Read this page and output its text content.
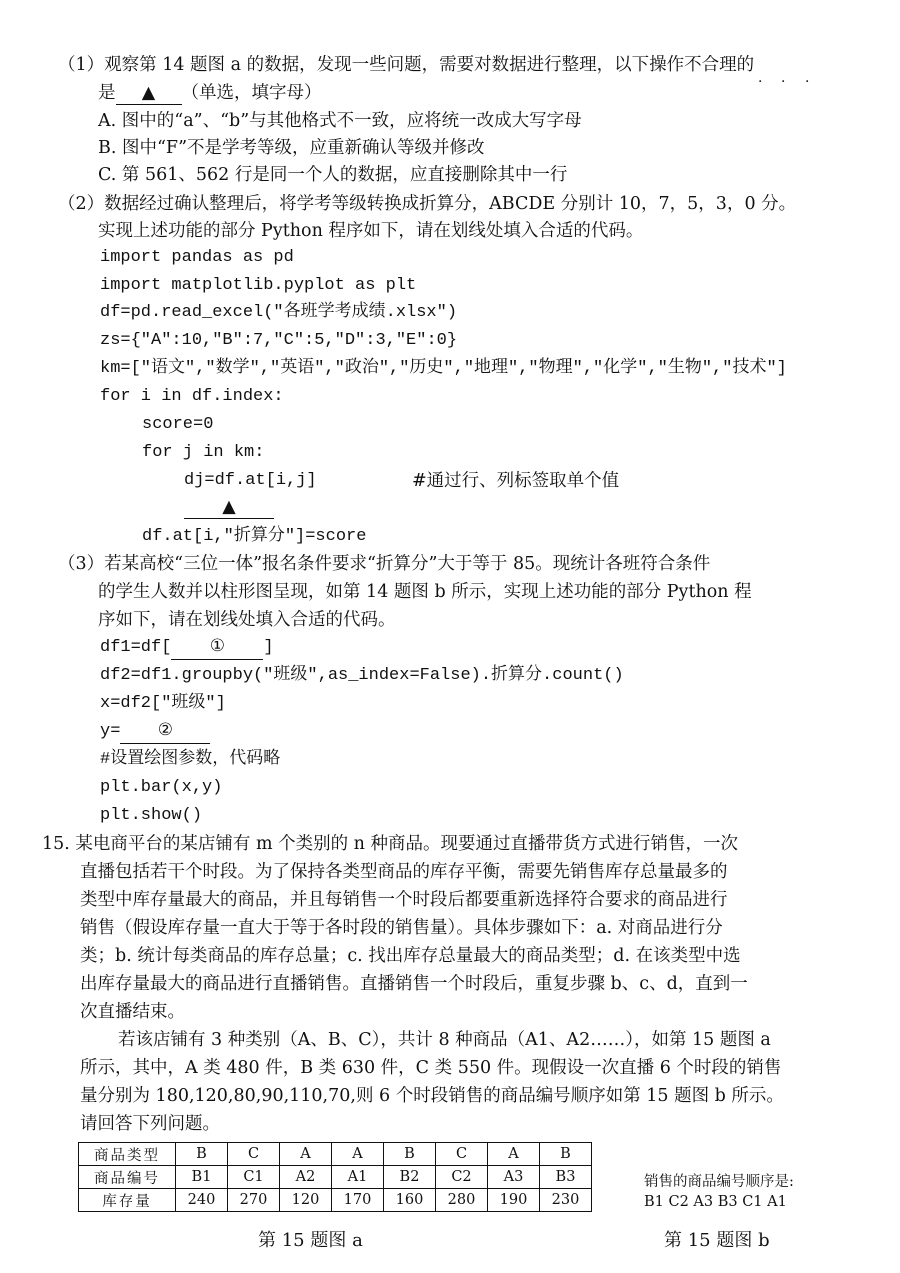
（1）观察第 14 题图 a 的数据，发现一些问题，需要对数据进行整理，以下操作不合理的
· · ·
是 ▲ （单选，填字母）
A. 图中的“a”、“b”与其他格式不一致，应将统一改成大写字母
B. 图中“F”不是学考等级，应重新确认等级并修改
C. 第 561、562 行是同一个人的数据，应直接删除其中一行
（2）数据经过确认整理后，将学考等级转换成折算分，ABCDE 分别计 10，7，5，3，0 分。
实现上述功能的部分 Python 程序如下，请在划线处填入合适的代码。
import pandas as pd
import matplotlib.pyplot as plt
df=pd.read_excel("各班学考成绩.xlsx")
zs={"A":10,"B":7,"C":5,"D":3,"E":0}
km=["语文","数学","英语","政治","历史","地理","物理","化学","生物","技术"]
for i in df.index:
score=0
for j in km:
dj=df.at[i,j]	#通过行、列标签取单个值
▲
df.at[i,"折算分"]=score
（3）若某高校“三位一体”报名条件要求“折算分”大于等于 85。现统计各班符合条件
的学生人数并以柱形图呈现，如第 14 题图 b 所示，实现上述功能的部分 Python 程
序如下，请在划线处填入合适的代码。
df1=df[ ① ]
df2=df1.groupby("班级",as_index=False).折算分.count()
x=df2["班级"]
y= ②
#设置绘图参数，代码略
plt.bar(x,y)
plt.show()
15. 某电商平台的某店铺有 m 个类别的 n 种商品。现要通过直播带货方式进行销售，一次
直播包括若干个时段。为了保持各类型商品的库存平衡，需要先销售库存总量最多的
类型中库存量最大的商品，并且每销售一个时段后都要重新选择符合要求的商品进行
销售（假设库存量一直大于等于各时段的销售量）。具体步骤如下：a. 对商品进行分
类；b. 统计每类商品的库存总量；c. 找出库存总量最大的商品类型；d. 在该类型中选
出库存量最大的商品进行直播销售。直播销售一个时段后，重复步骤 b、c、d，直到一
次直播结束。
若该店铺有 3 种类别（A、B、C），共计 8 种商品（A1、A2……），如第 15 题图 a
所示，其中，A 类 480 件，B 类 630 件，C 类 550 件。现假设一次直播 6 个时段的销售
量分别为 180,120,80,90,110,70,则 6 个时段销售的商品编号顺序如第 15 题图 b 所示。
请回答下列问题。
商品类型	B	C	A	A	B	C	A	B
商品编号	B1	C1	A2	A1	B2	C2	A3	B3
库存量	240	270	120	170	160	280	190	230
销售的商品编号顺序是:
B1 C2 A3 B3 C1 A1
第 15 题图 a	第 15 题图 b
